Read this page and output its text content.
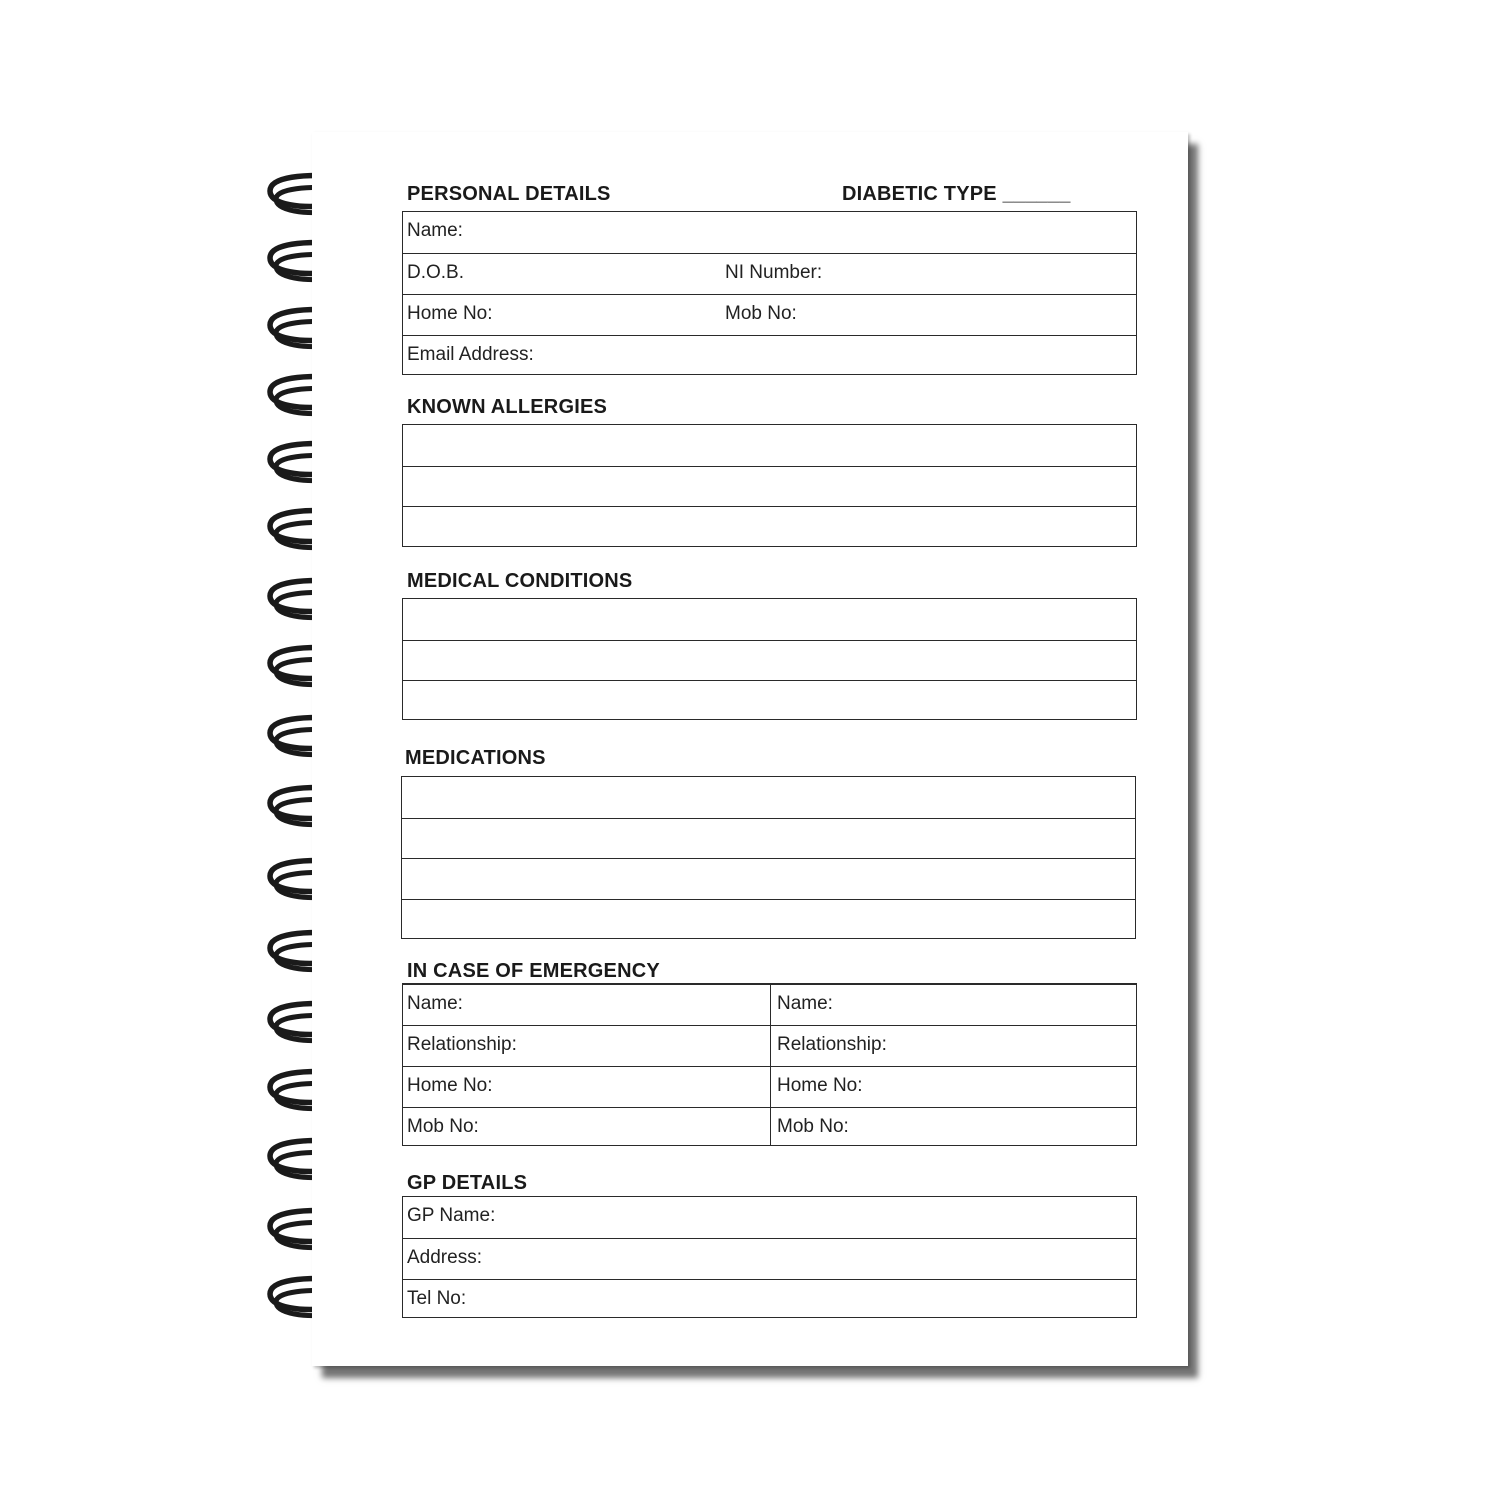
PERSONAL DETAILS	DIABETIC TYPE ______
Name:
D.O.B.	NI Number:
Home No:	Mob No:
Email Address:
KNOWN ALLERGIES
MEDICAL CONDITIONS
MEDICATIONS
IN CASE OF EMERGENCY
Name:	Name:
Relationship:	Relationship:
Home No:	Home No:
Mob No:	Mob No:
GP DETAILS
GP Name:
Address:
Tel No:
